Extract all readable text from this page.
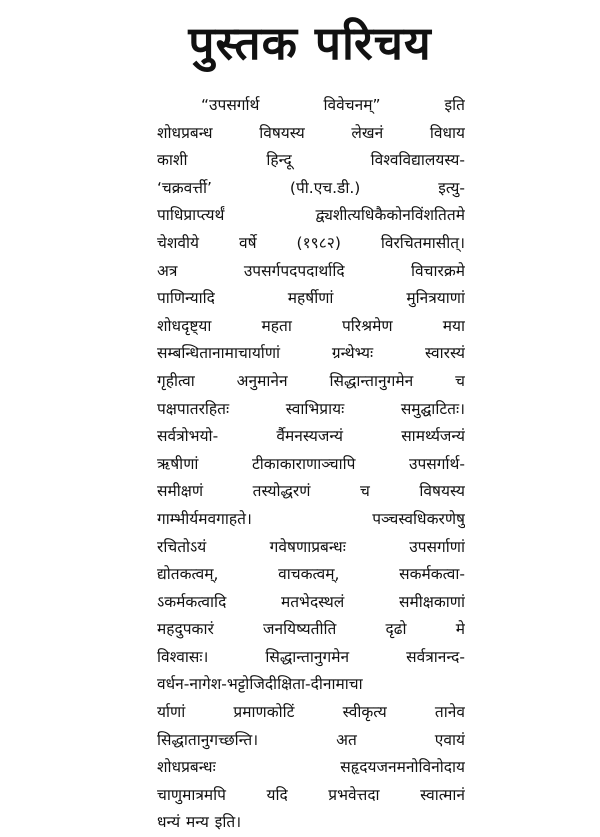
पुस्तक परिचय
“उपसर्गार्थ विवेचनम्” इति
शोधप्रबन्ध विषयस्य लेखनं विधाय
काशी हिन्दू विश्वविद्यालयस्य-
‘चक्रवर्त्ती’ (पी.एच.डी.) इत्यु-
पाधिप्राप्त्यर्थं द्व्यशीत्यधिकैकोनविंशतितमे
चेशवीये वर्षे (१९८२) विरचितमासीत्।
अत्र उपसर्गपदपदार्थादि विचारक्रमे
पाणिन्यादि महर्षीणां मुनित्रयाणां
शोधदृष्ट्या महता परिश्रमेण मया
सम्बन्धितानामाचार्याणां ग्रन्थेभ्यः स्वारस्यं
गृहीत्वा अनुमानेन सिद्धान्तानुगमेन च
पक्षपातरहितः स्वाभिप्रायः समुद्घाटितः।
सर्वत्रोभयो- र्वैमनस्यजन्यं सामर्थ्यजन्यं
ऋषीणां टीकाकाराणाञ्चापि उपसर्गार्थ-
समीक्षणं तस्योद्धरणं च विषयस्य
गाम्भीर्यमवगाहते। पञ्चस्वधिकरणेषु
रचितोऽयं गवेषणाप्रबन्धः उपसर्गाणां
द्योतकत्वम्, वाचकत्वम्, सकर्मकत्वा-
ऽकर्मकत्वादि मतभेदस्थलं समीक्षकाणां
महदुपकारं जनयिष्यतीति दृढो मे
विश्वासः। सिद्धान्तानुगमेन सर्वत्रानन्द-
वर्धन-नागेश-भट्टोजिदीक्षिता-दीनामाचा
र्याणां प्रमाणकोटिं स्वीकृत्य तानेव
सिद्धातानुगच्छन्ति। अत एवायं
शोधप्रबन्धः सहृदयजनमनोविनोदाय
चाणुमात्रमपि यदि प्रभवेत्तदा स्वात्मानं
धन्यं मन्य इति।
